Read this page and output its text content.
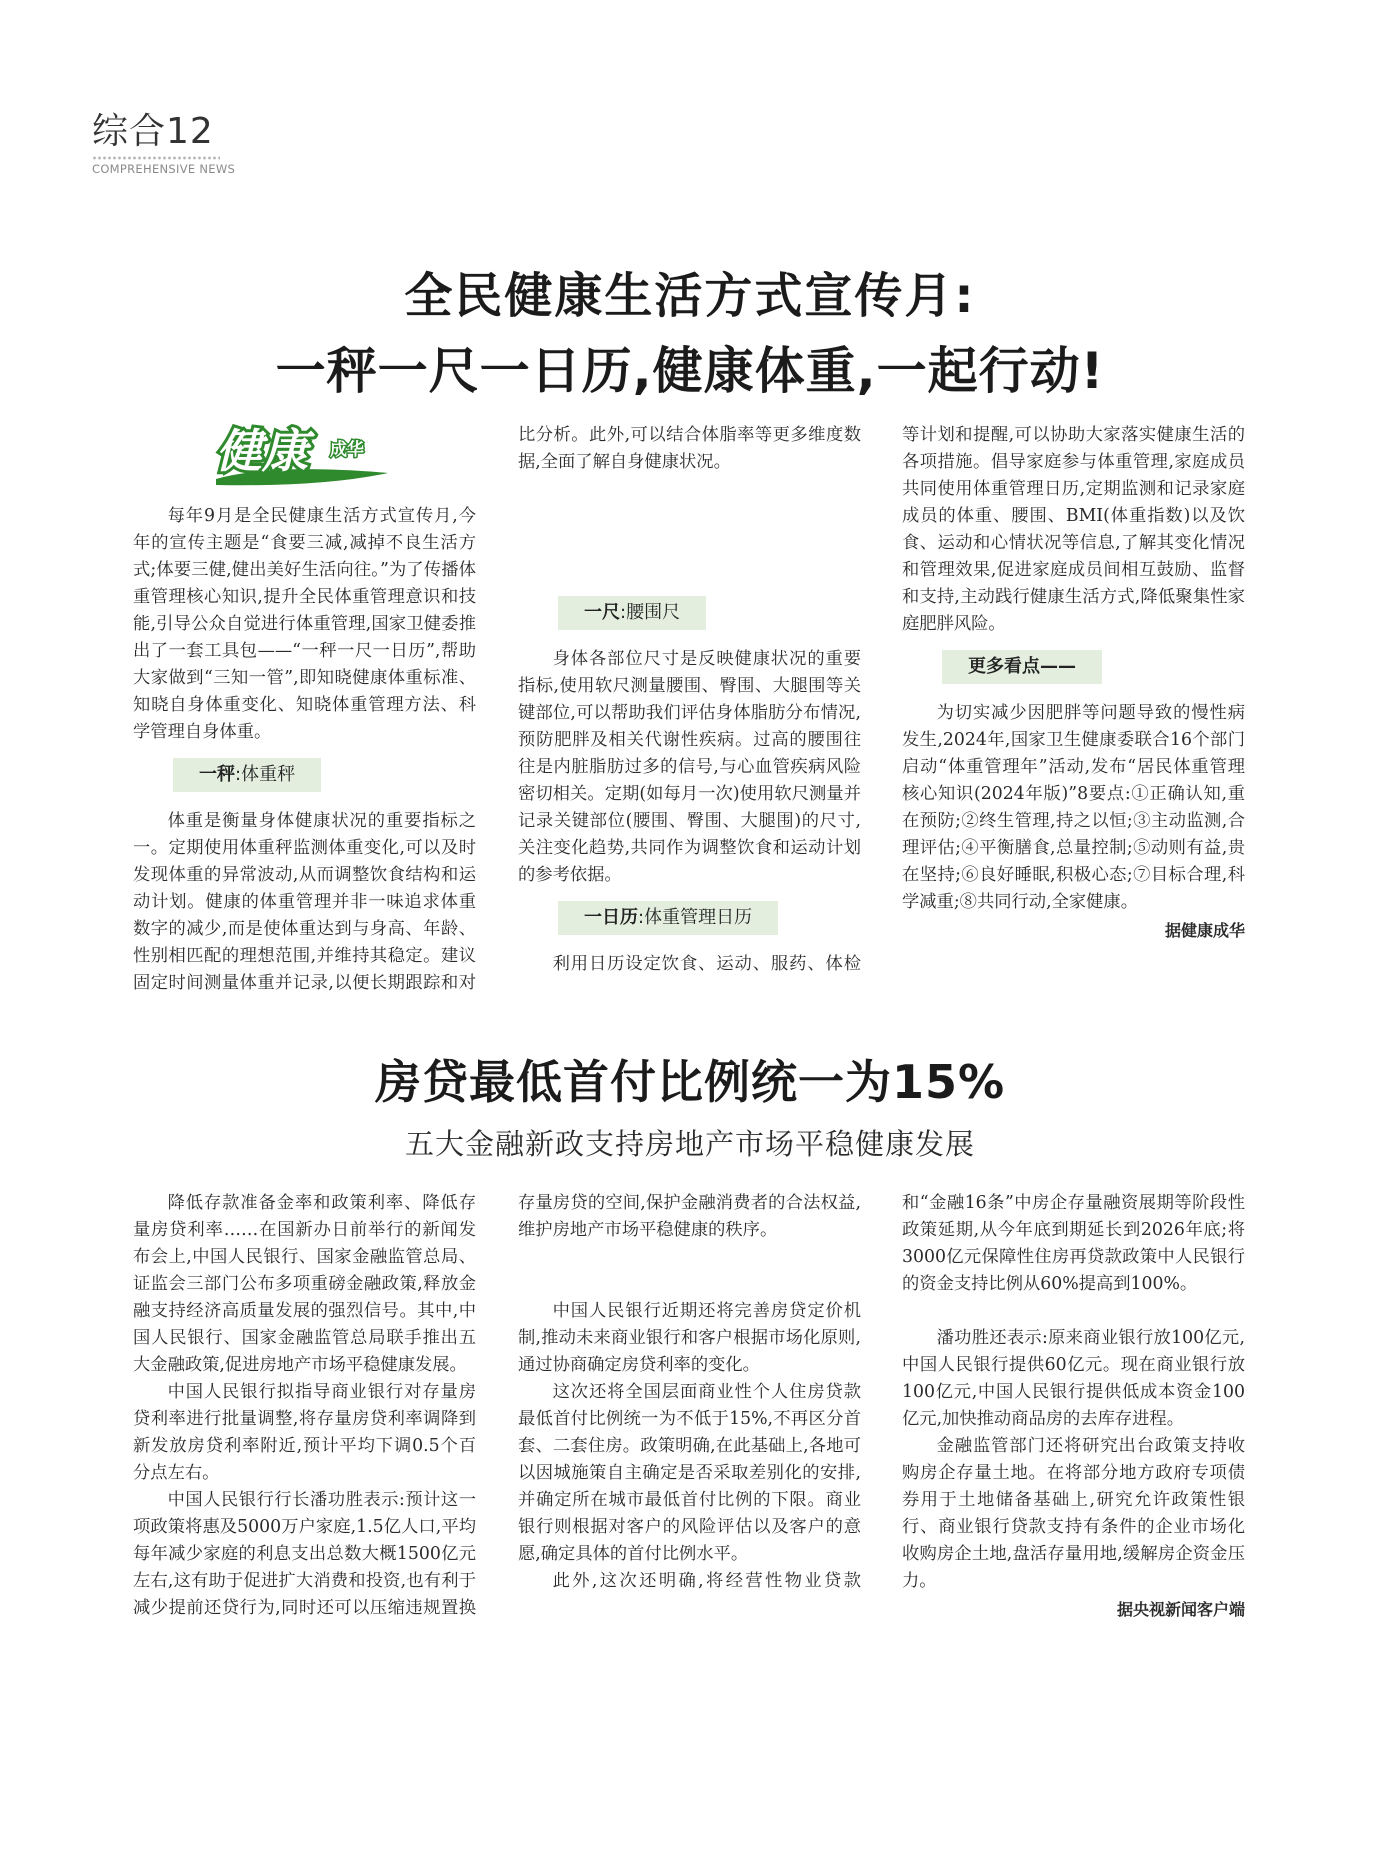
综合12
COMPREHENSIVE NEWS
全民健康生活方式宣传月:
一秤一尺一日历,健康体重,一起行动!
健康	成华

每年9月是全民健康生活方式宣传月,今年的宣传主题是“食要三减,减掉不良生活方式;体要三健,健出美好生活向往。”为了传播体重管理核心知识,提升全民体重管理意识和技能,引导公众自觉进行体重管理,国家卫健委推出了一套工具包——“一秤一尺一日历”,帮助大家做到“三知一管”,即知晓健康体重标准、知晓自身体重变化、知晓体重管理方法、科学管理自身体重。

一秤:体重秤

体重是衡量身体健康状况的重要指标之一。定期使用体重秤监测体重变化,可以及时发现体重的异常波动,从而调整饮食结构和运动计划。健康的体重管理并非一味追求体重数字的减少,而是使体重达到与身高、年龄、性别相匹配的理想范围,并维持其稳定。建议固定时间测量体重并记录,以便长期跟踪和对

比分析。此外,可以结合体脂率等更多维度数据,全面了解自身健康状况。

一尺:腰围尺

身体各部位尺寸是反映健康状况的重要指标,使用软尺测量腰围、臀围、大腿围等关键部位,可以帮助我们评估身体脂肪分布情况,预防肥胖及相关代谢性疾病。过高的腰围往往是内脏脂肪过多的信号,与心血管疾病风险密切相关。定期(如每月一次)使用软尺测量并记录关键部位(腰围、臀围、大腿围)的尺寸,关注变化趋势,共同作为调整饮食和运动计划的参考依据。

一日历:体重管理日历

利用日历设定饮食、运动、服药、体检

等计划和提醒,可以协助大家落实健康生活的各项措施。倡导家庭参与体重管理,家庭成员共同使用体重管理日历,定期监测和记录家庭成员的体重、腰围、BMI(体重指数)以及饮食、运动和心情状况等信息,了解其变化情况和管理效果,促进家庭成员间相互鼓励、监督和支持,主动践行健康生活方式,降低聚集性家庭肥胖风险。

更多看点——

为切实减少因肥胖等问题导致的慢性病发生,2024年,国家卫生健康委联合16个部门启动“体重管理年”活动,发布“居民体重管理核心知识(2024年版)”8要点:①正确认知,重在预防;②终生管理,持之以恒;③主动监测,合理评估;④平衡膳食,总量控制;⑤动则有益,贵在坚持;⑥良好睡眠,积极心态;⑦目标合理,科学减重;⑧共同行动,全家健康。

据健康成华
房贷最低首付比例统一为15%
五大金融新政支持房地产市场平稳健康发展

降低存款准备金率和政策利率、降低存量房贷利率……在国新办日前举行的新闻发布会上,中国人民银行、国家金融监管总局、证监会三部门公布多项重磅金融政策,释放金融支持经济高质量发展的强烈信号。其中,中国人民银行、国家金融监管总局联手推出五大金融政策,促进房地产市场平稳健康发展。

中国人民银行拟指导商业银行对存量房贷利率进行批量调整,将存量房贷利率调降到新发放房贷利率附近,预计平均下调0.5个百分点左右。

中国人民银行行长潘功胜表示:预计这一项政策将惠及5000万户家庭,1.5亿人口,平均每年减少家庭的利息支出总数大概1500亿元左右,这有助于促进扩大消费和投资,也有利于减少提前还贷行为,同时还可以压缩违规置换

存量房贷的空间,保护金融消费者的合法权益,维护房地产市场平稳健康的秩序。

中国人民银行近期还将完善房贷定价机制,推动未来商业银行和客户根据市场化原则,通过协商确定房贷利率的变化。

这次还将全国层面商业性个人住房贷款最低首付比例统一为不低于15%,不再区分首套、二套住房。政策明确,在此基础上,各地可以因城施策自主确定是否采取差别化的安排,并确定所在城市最低首付比例的下限。商业银行则根据对客户的风险评估以及客户的意愿,确定具体的首付比例水平。

此外,这次还明确,将经营性物业贷款

和“金融16条”中房企存量融资展期等阶段性政策延期,从今年底到期延长到2026年底;将3000亿元保障性住房再贷款政策中人民银行的资金支持比例从60%提高到100%。

潘功胜还表示:原来商业银行放100亿元,中国人民银行提供60亿元。现在商业银行放100亿元,中国人民银行提供低成本资金100亿元,加快推动商品房的去库存进程。

金融监管部门还将研究出台政策支持收购房企存量土地。在将部分地方政府专项债券用于土地储备基础上,研究允许政策性银行、商业银行贷款支持有条件的企业市场化收购房企土地,盘活存量用地,缓解房企资金压力。

据央视新闻客户端
